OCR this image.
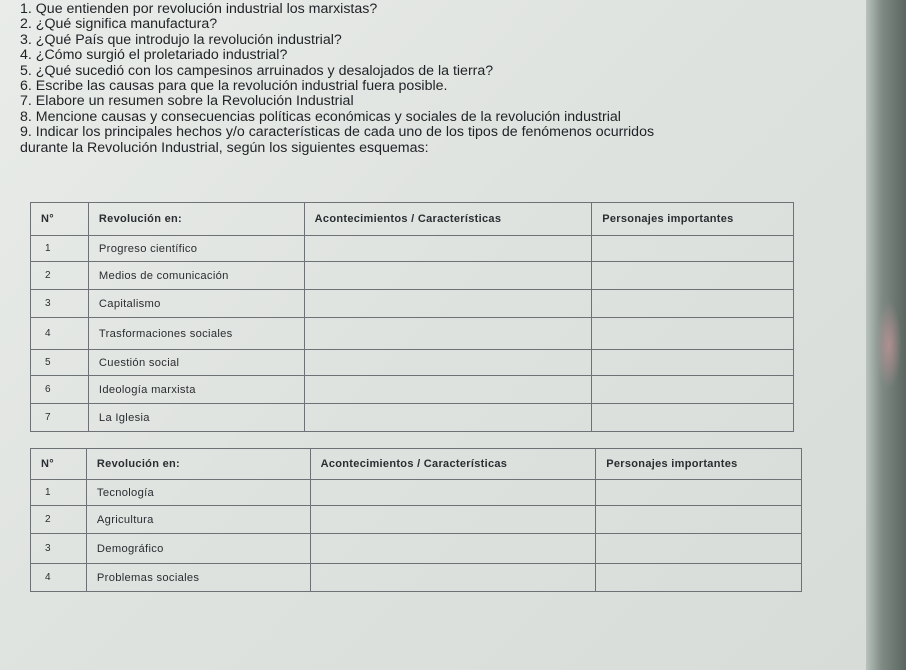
1. Que entienden por revolución industrial los marxistas?
2. ¿Qué significa manufactura?
3. ¿Qué País que introdujo la revolución industrial?
4. ¿Cómo surgió el proletariado industrial?
5. ¿Qué sucedió con los campesinos arruinados y desalojados de la tierra?
6. Escribe las causas para que la revolución industrial fuera posible.
7. Elabore un resumen sobre la Revolución Industrial
8. Mencione causas y consecuencias políticas económicas y sociales de la revolución industrial
9. Indicar los principales hechos y/o características de cada uno de los tipos de fenómenos ocurridos
durante la Revolución Industrial, según los siguientes esquemas:
N°	Revolución en:	Acontecimientos / Características	Personajes importantes
1	Progreso científico		
2	Medios de comunicación		
3	Capitalismo		
4	Trasformaciones sociales		
5	Cuestión social		
6	Ideología marxista		
7	La Iglesia		
N°	Revolución en:	Acontecimientos / Características	Personajes importantes
1	Tecnología		
2	Agricultura		
3	Demográfico		
4	Problemas sociales		
